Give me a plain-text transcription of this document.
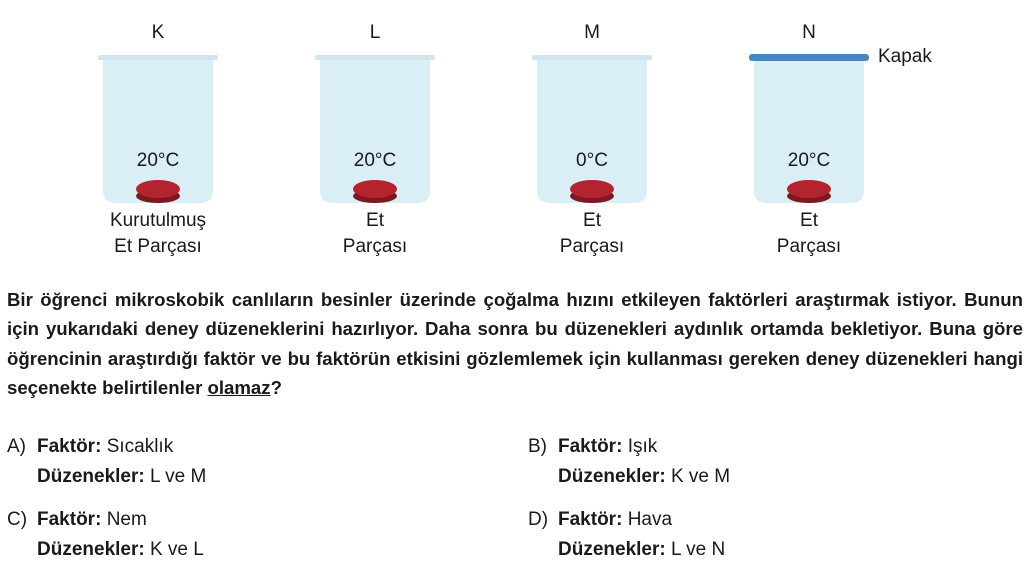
K
20°C
Kurutulmuş
Et Parçası
L
20°C
Et
Parçası
M
0°C
Et
Parçası
N
20°C
Et
Parçası
Kapak
Bir öğrenci mikroskobik canlıların besinler üzerinde çoğalma hızını etkileyen faktörleri araştırmak istiyor. Bunun için yukarıdaki deney düzeneklerini hazırlıyor. Daha sonra bu düzenekleri aydınlık ortamda bekletiyor. Buna göre öğrencinin araştırdığı faktör ve bu faktörün etkisini gözlemlemek için kullanması gereken deney düzenekleri hangi seçenekte belirtilenler olamaz?
A) Faktör: Sıcaklık
Düzenekler: L ve M
B) Faktör: Işık
Düzenekler: K ve M
C) Faktör: Nem
Düzenekler: K ve L
D) Faktör: Hava
Düzenekler: L ve N
